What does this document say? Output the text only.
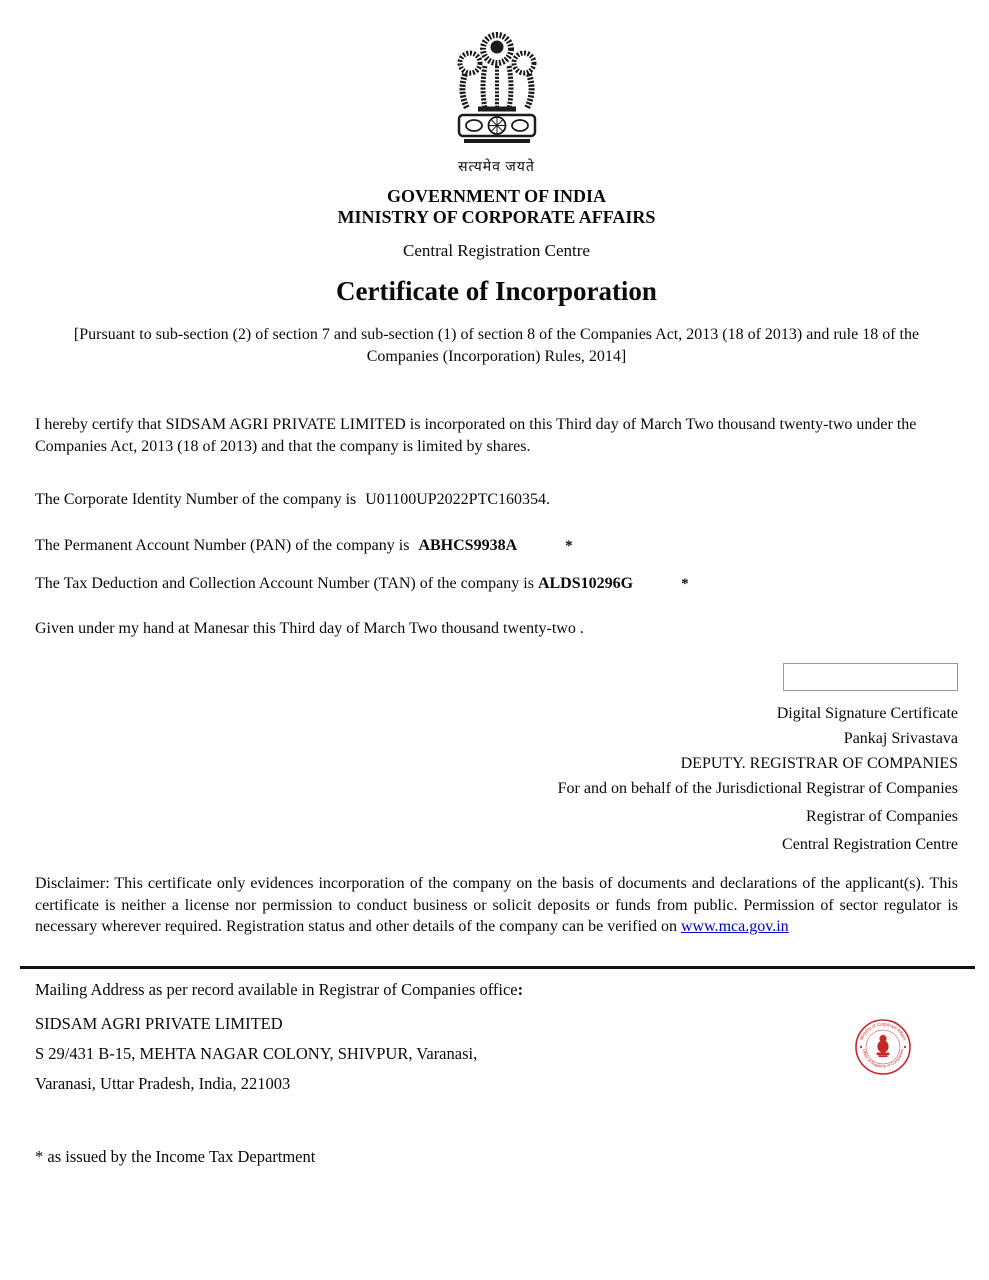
सत्यमेव जयते
GOVERNMENT OF INDIA
MINISTRY OF CORPORATE AFFAIRS
Central Registration Centre
Certificate of Incorporation
[Pursuant to sub-section (2) of section 7 and sub-section (1) of section 8 of the Companies Act, 2013 (18 of 2013) and rule 18 of the Companies (Incorporation) Rules, 2014]

I hereby certify that SIDSAM AGRI PRIVATE LIMITED is incorporated on this Third day of March Two thousand twenty-two under the Companies Act, 2013 (18 of 2013) and that the company is limited by shares.

The Corporate Identity Number of the company is U01100UP2022PTC160354.

The Permanent Account Number (PAN) of the company is ABHCS9938A	*

The Tax Deduction and Collection Account Number (TAN) of the company is ALDS10296G	*

Given under my hand at Manesar this Third day of March Two thousand twenty-two .

Digital Signature Certificate
Pankaj Srivastava
DEPUTY. REGISTRAR OF COMPANIES
For and on behalf of the Jurisdictional Registrar of Companies
Registrar of Companies
Central Registration Centre

Disclaimer: This certificate only evidences incorporation of the company on the basis of documents and declarations of the applicant(s). This certificate is neither a license nor permission to conduct business or solicit deposits or funds from public. Permission of sector regulator is necessary wherever required. Registration status and other details of the company can be verified on www.mca.gov.in

Mailing Address as per record available in Registrar of Companies office:
SIDSAM AGRI PRIVATE LIMITED
S 29/431 B-15, MEHTA NAGAR COLONY, SHIVPUR, Varanasi,
Varanasi, Uttar Pradesh, India, 221003
Ministry of Corporate Affairs
Office of Registrar of Companies

* as issued by the Income Tax Department
